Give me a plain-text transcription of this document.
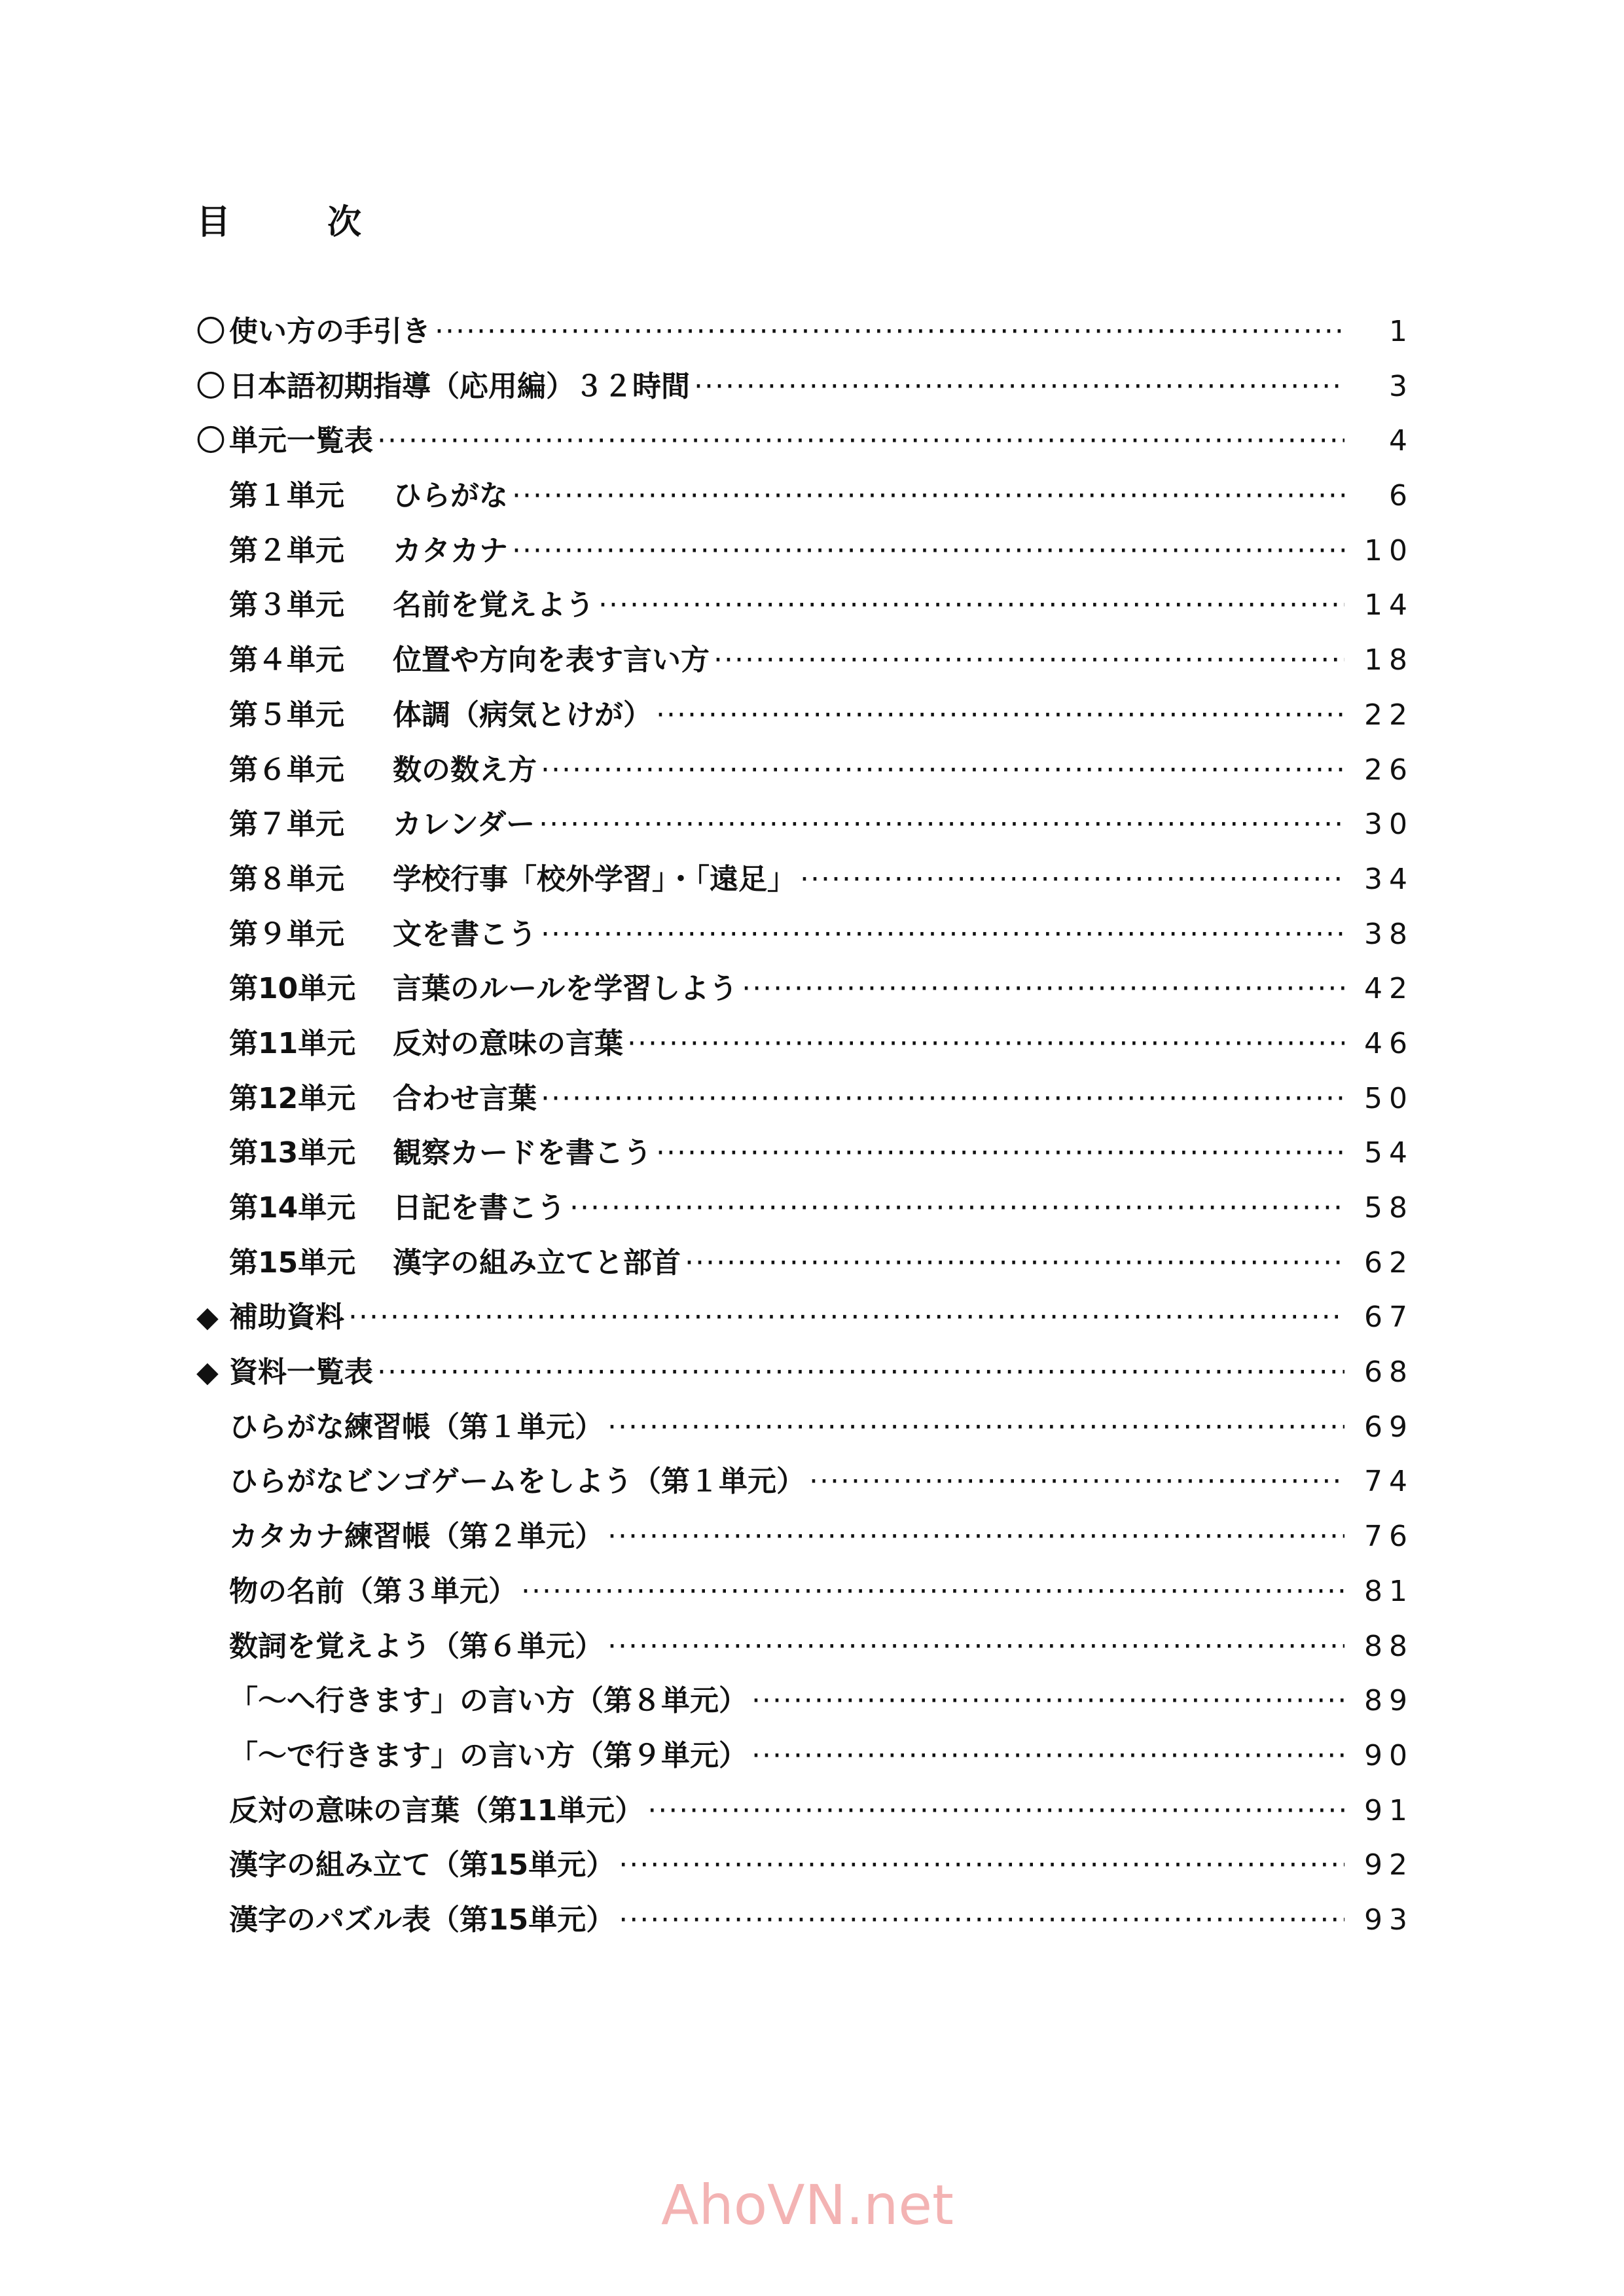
目　次
〇 使い方の手引き ·····	1
〇 日本語初期指導（応用編）３２時間 ·····	3
〇 単元一覧表 ·····	4
第１単元	ひらがな ·····	6
第２単元	カタカナ ·····	10
第３単元	名前を覚えよう ·····	14
第４単元	位置や方向を表す言い方 ·····	18
第５単元	体調（病気とけが） ·····	22
第６単元	数の数え方 ·····	26
第７単元	カレンダー ·····	30
第８単元	学校行事「校外学習」・「遠足」 ·····	34
第９単元	文を書こう ·····	38
第10単元	言葉のルールを学習しよう ·····	42
第11単元	反対の意味の言葉 ·····	46
第12単元	合わせ言葉 ·····	50
第13単元	観察カードを書こう ·····	54
第14単元	日記を書こう ·····	58
第15単元	漢字の組み立てと部首 ·····	62
◆ 補助資料 ·····	67
◆ 資料一覧表 ·····	68
ひらがな練習帳（第１単元） ·····	69
ひらがなビンゴゲームをしよう（第１単元） ·····	74
カタカナ練習帳（第２単元） ·····	76
物の名前（第３単元） ·····	81
数詞を覚えよう（第６単元） ·····	88
「～へ行きます」の言い方（第８単元） ·····	89
「～で行きます」の言い方（第９単元） ·····	90
反対の意味の言葉（第11単元） ·····	91
漢字の組み立て（第15単元） ·····	92
漢字のパズル表（第15単元） ·····	93
AhoVN.net
